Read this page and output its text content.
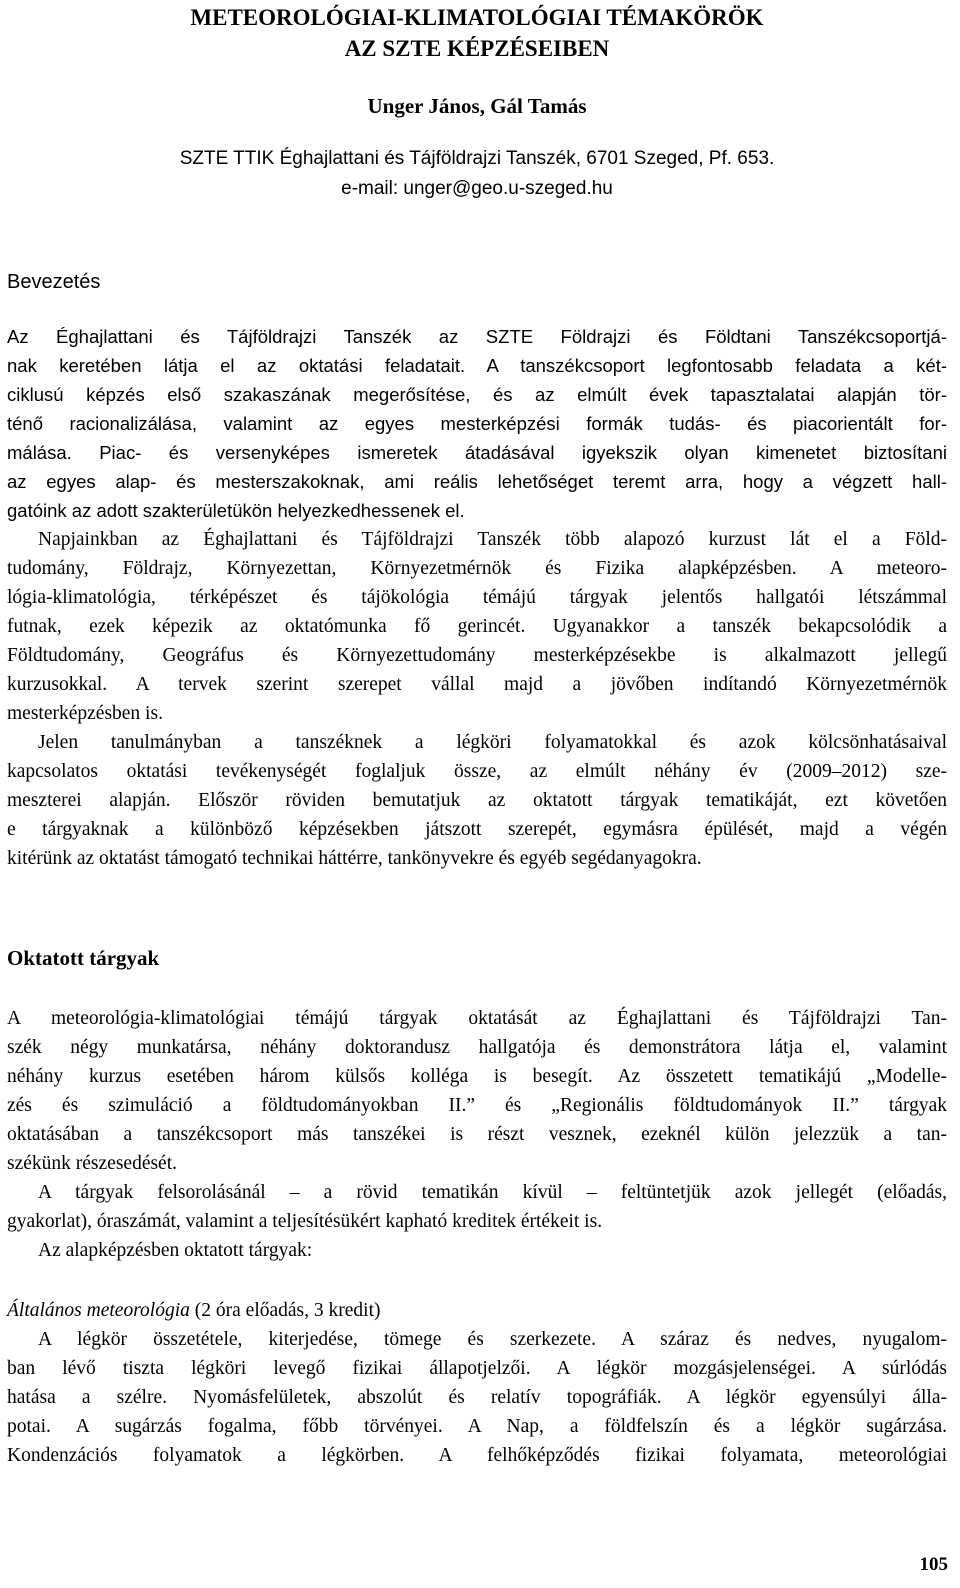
METEOROLÓGIAI-KLIMATOLÓGIAI TÉMAKÖRÖK
AZ SZTE KÉPZÉSEIBEN
Unger János, Gál Tamás
SZTE TTIK Éghajlattani és Tájföldrajzi Tanszék, 6701 Szeged, Pf. 653.
e-mail: unger@geo.u-szeged.hu
Bevezetés
Az Éghajlattani és Tájföldrajzi Tanszék az SZTE Földrajzi és Földtani Tanszékcsoportjá-
nak keretében látja el az oktatási feladatait. A tanszékcsoport legfontosabb feladata a két-
ciklusú képzés első szakaszának megerősítése, és az elmúlt évek tapasztalatai alapján tör-
ténő racionalizálása, valamint az egyes mesterképzési formák tudás- és piacorientált for-
málása. Piac- és versenyképes ismeretek átadásával igyekszik olyan kimenetet biztosítani
az egyes alap- és mesterszakoknak, ami reális lehetőséget teremt arra, hogy a végzett hall-
gatóink az adott szakterületükön helyezkedhessenek el.
Napjainkban az Éghajlattani és Tájföldrajzi Tanszék több alapozó kurzust lát el a Föld-
tudomány, Földrajz, Környezettan, Környezetmérnök és Fizika alapképzésben. A meteoro-
lógia-klimatológia, térképészet és tájökológia témájú tárgyak jelentős hallgatói létszámmal
futnak, ezek képezik az oktatómunka fő gerincét. Ugyanakkor a tanszék bekapcsolódik a
Földtudomány, Geográfus és Környezettudomány mesterképzésekbe is alkalmazott jellegű
kurzusokkal. A tervek szerint szerepet vállal majd a jövőben indítandó Környezetmérnök
mesterképzésben is.
Jelen tanulmányban a tanszéknek a légköri folyamatokkal és azok kölcsönhatásaival
kapcsolatos oktatási tevékenységét foglaljuk össze, az elmúlt néhány év (2009–2012) sze-
meszterei alapján. Először röviden bemutatjuk az oktatott tárgyak tematikáját, ezt követően
e tárgyaknak a különböző képzésekben játszott szerepét, egymásra épülését, majd a végén
kitérünk az oktatást támogató technikai háttérre, tankönyvekre és egyéb segédanyagokra.
Oktatott tárgyak
A meteorológia-klimatológiai témájú tárgyak oktatását az Éghajlattani és Tájföldrajzi Tan-
szék négy munkatársa, néhány doktorandusz hallgatója és demonstrátora látja el, valamint
néhány kurzus esetében három külsős kolléga is besegít. Az összetett tematikájú „Modelle-
zés és szimuláció a földtudományokban II.” és „Regionális földtudományok II.” tárgyak
oktatásában a tanszékcsoport más tanszékei is részt vesznek, ezeknél külön jelezzük a tan-
székünk részesedését.
A tárgyak felsorolásánál – a rövid tematikán kívül – feltüntetjük azok jellegét (előadás,
gyakorlat), óraszámát, valamint a teljesítésükért kapható kreditek értékeit is.
Az alapképzésben oktatott tárgyak:
Általános meteorológia (2 óra előadás, 3 kredit)
A légkör összetétele, kiterjedése, tömege és szerkezete. A száraz és nedves, nyugalom-
ban lévő tiszta légköri levegő fizikai állapotjelzői. A légkör mozgásjelenségei. A súrlódás
hatása a szélre. Nyomásfelületek, abszolút és relatív topográfiák. A légkör egyensúlyi álla-
potai. A sugárzás fogalma, főbb törvényei. A Nap, a földfelszín és a légkör sugárzása.
Kondenzációs folyamatok a légkörben. A felhőképződés fizikai folyamata, meteorológiai
105
